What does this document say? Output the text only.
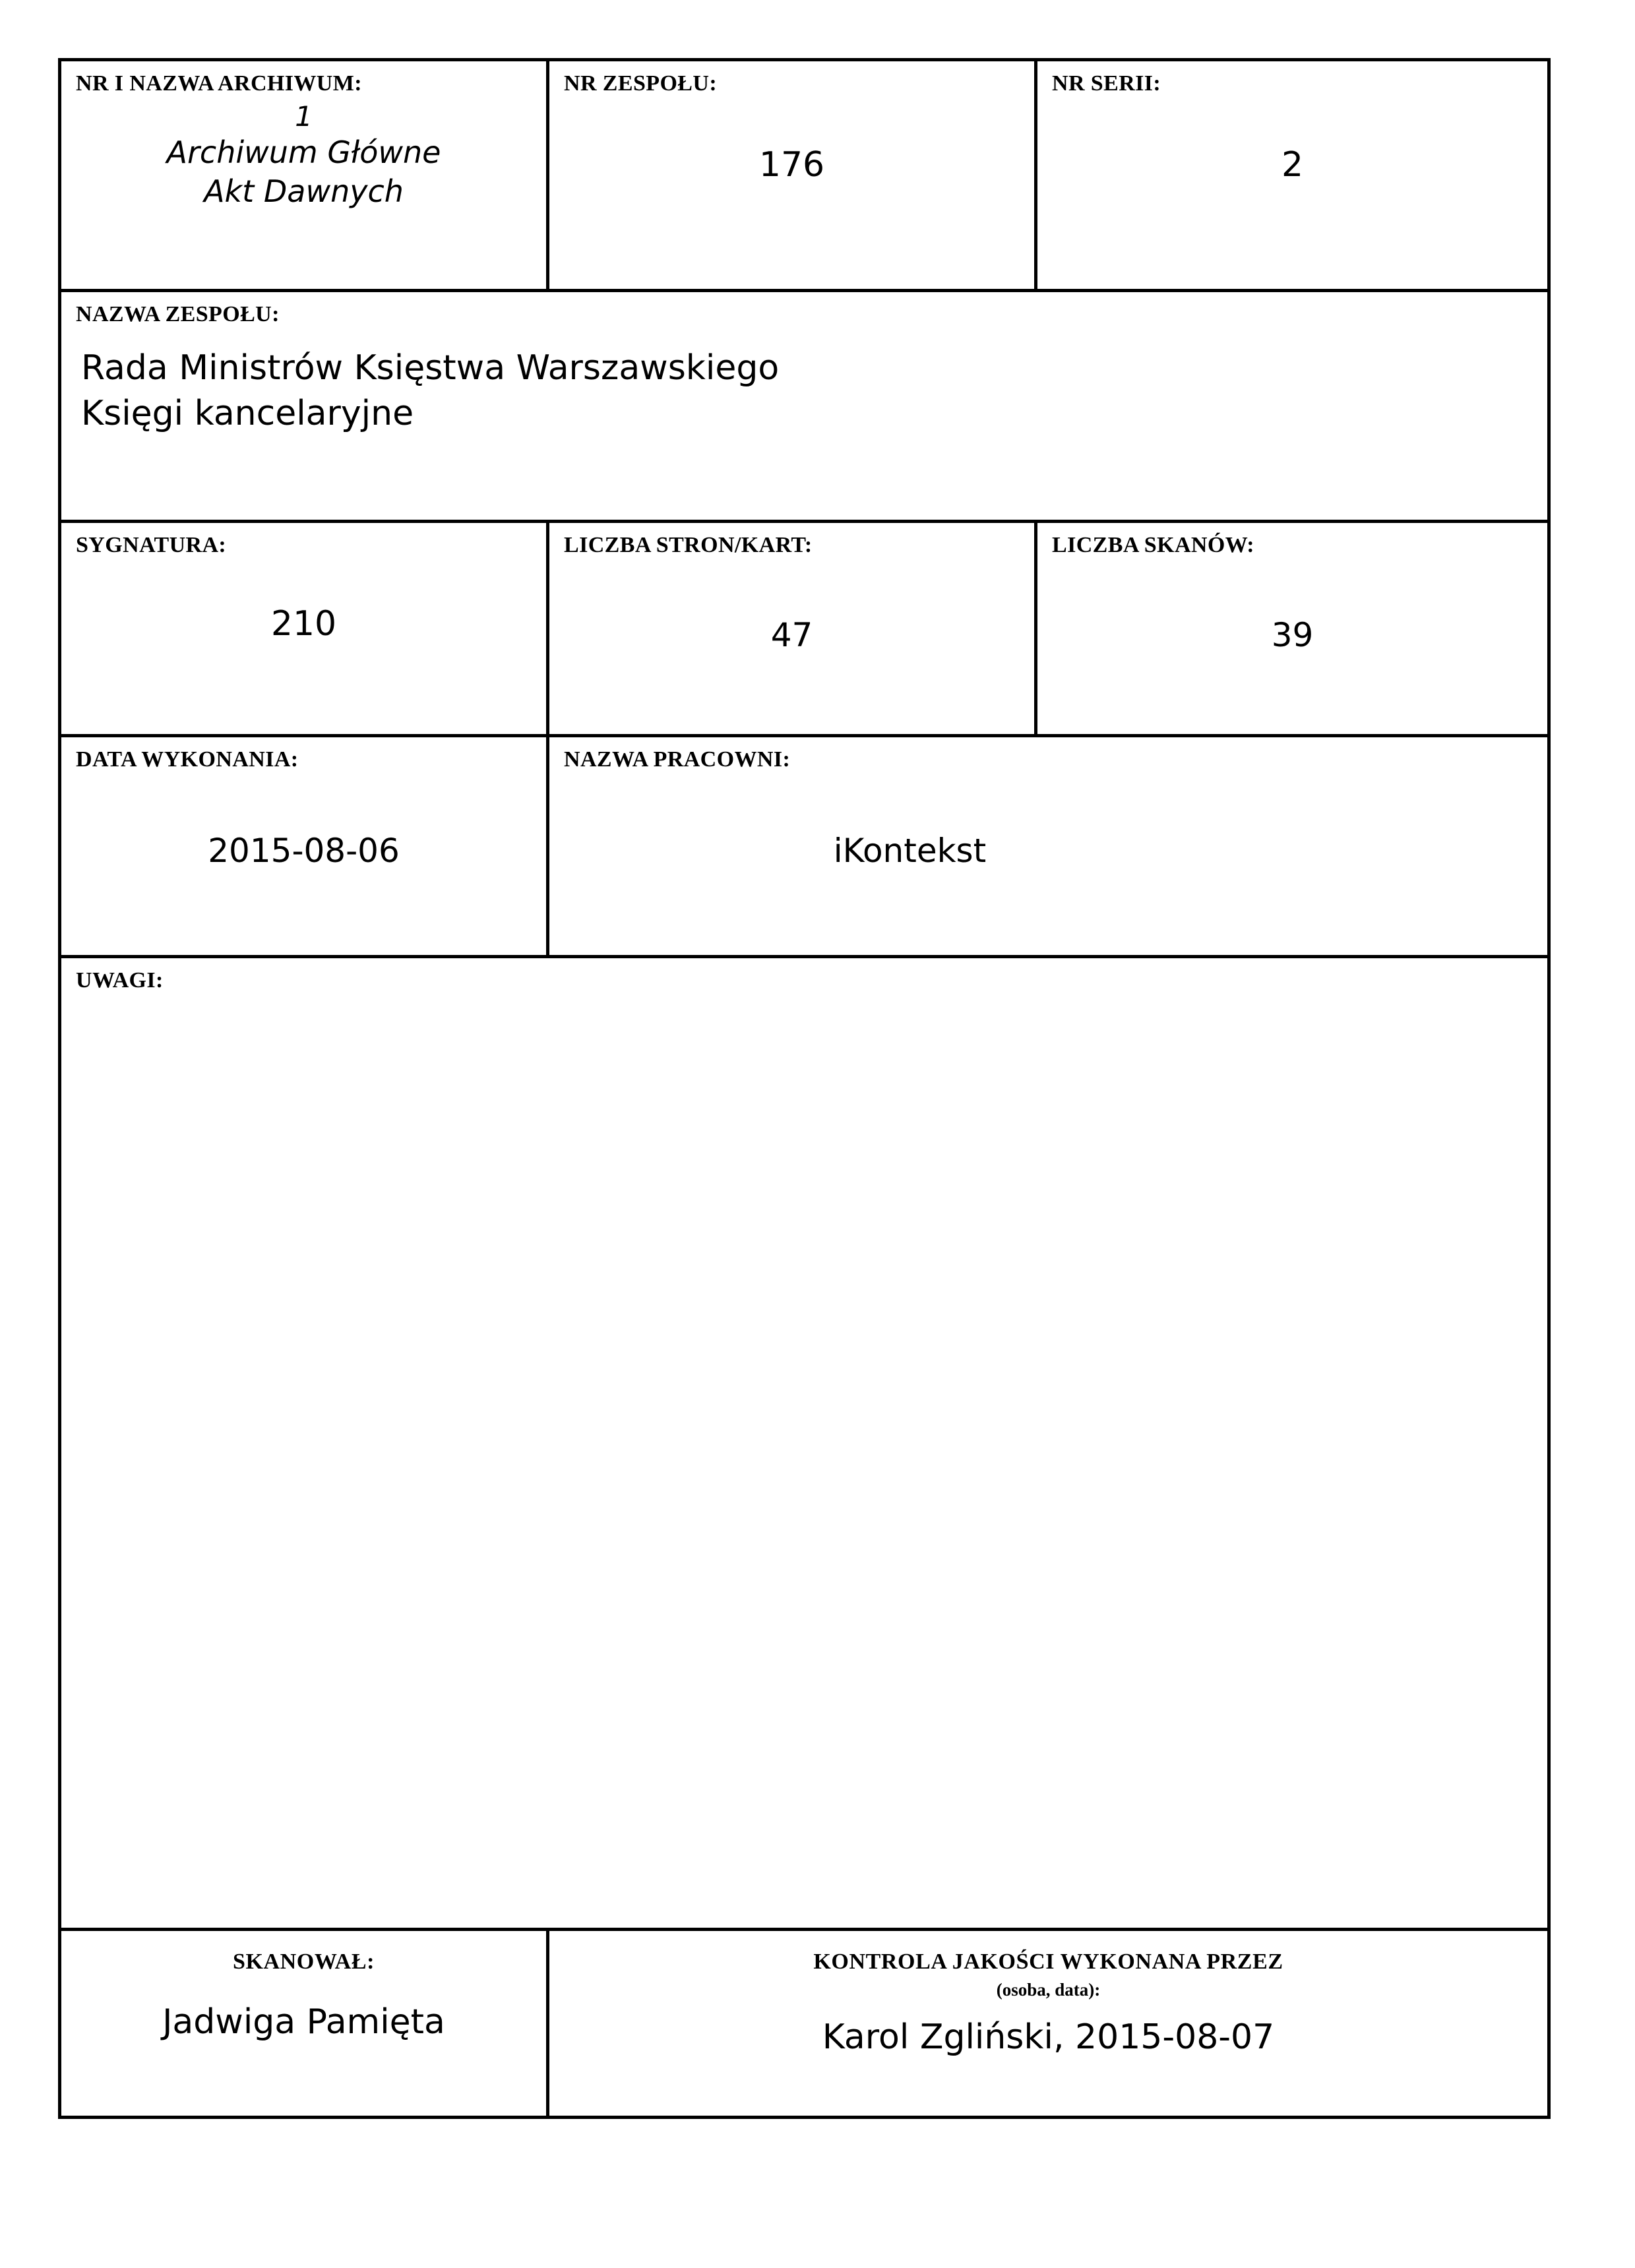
NR I NAZWA ARCHIWUM:
1
Archiwum Główne
Akt Dawnych

NR ZESPOŁU:
176

NR SERII:
2

NAZWA ZESPOŁU:
Rada Ministrów Księstwa Warszawskiego
Księgi kancelaryjne		

SYGNATURA:
210

LICZBA STRON/KART:
47

LICZBA SKANÓW:
39

DATA WYKONANIA:
2015-08-06

NAZWA PRACOWNI:
iKontekst

UWAGI:		

SKANOWAŁ:
Jadwiga Pamięta

KONTROLA JAKOŚCI WYKONANA PRZEZ
(osoba, data):
Karol Zgliński, 2015-08-07
